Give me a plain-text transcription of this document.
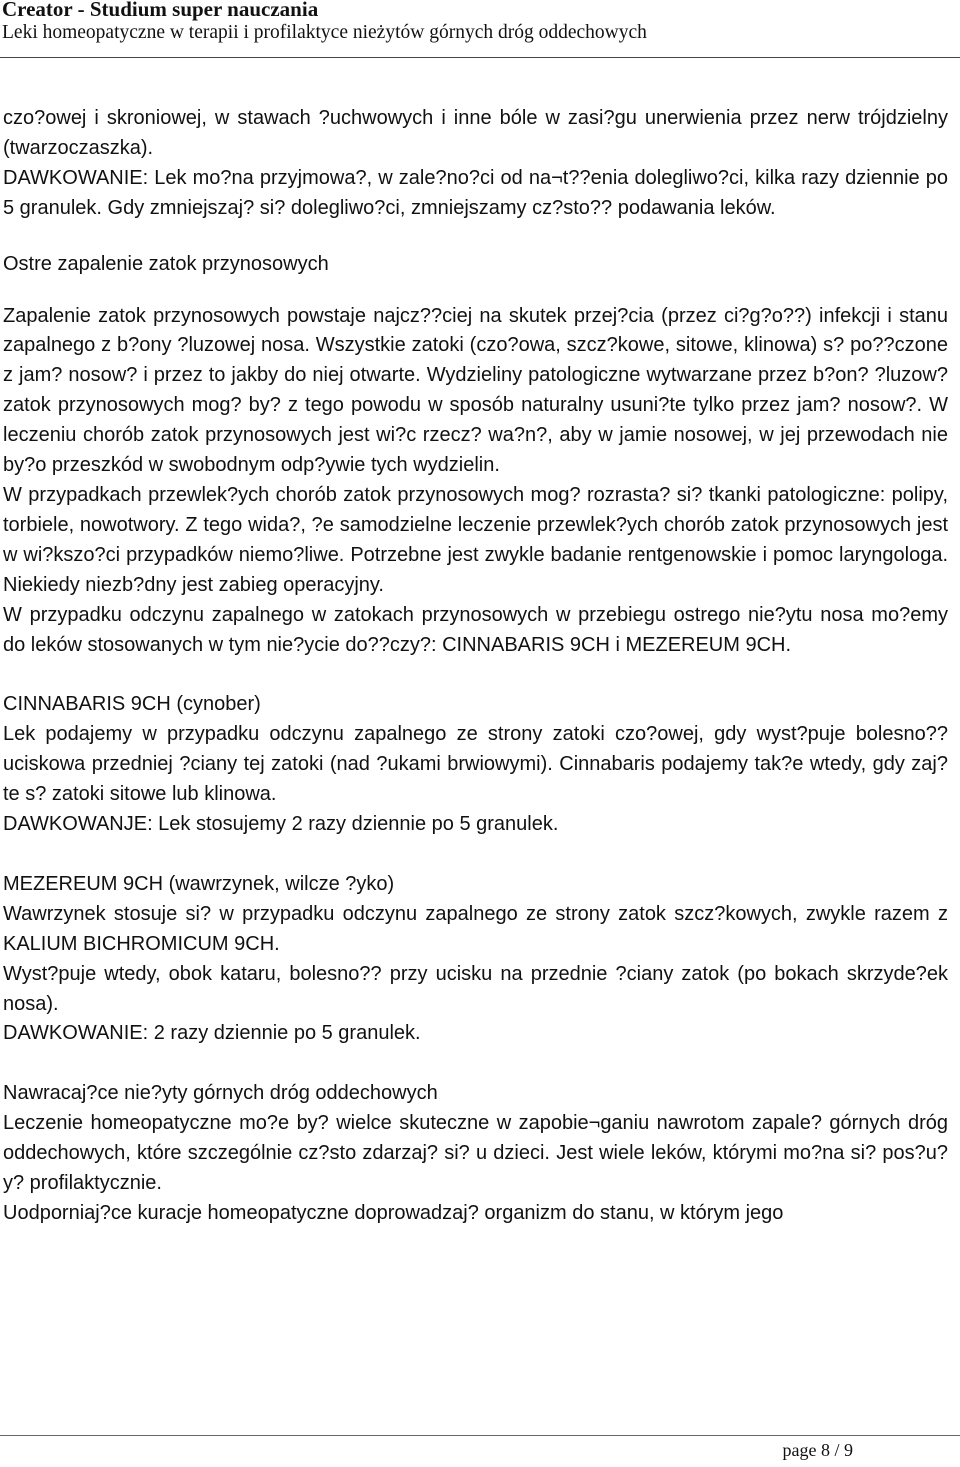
Creator - Studium super nauczania
Leki homeopatyczne w terapii i profilaktyce nieżytów górnych dróg oddechowych

czo?owej i skroniowej, w stawach ?uchwowych i inne bóle w zasi?gu unerwienia przez nerw trójdzielny (twarzoczaszka).

DAWKOWANIE: Lek mo?na przyjmowa?, w zale?no?ci od na¬t??enia dolegliwo?ci, kilka razy dziennie po 5 granulek. Gdy zmniejszaj? si? dolegliwo?ci, zmniejszamy cz?sto?? podawania leków.

Ostre zapalenie zatok przynosowych

Zapalenie zatok przynosowych powstaje najcz??ciej na skutek przej?cia (przez ci?g?o??) infekcji i stanu zapalnego z b?ony ?luzowej nosa. Wszystkie zatoki (czo?owa, szcz?kowe, sitowe, klinowa) s? po??czone z jam? nosow? i przez to jakby do niej otwarte. Wydzieliny patologiczne wytwarzane przez b?on? ?luzow? zatok przynosowych mog? by? z tego powodu w sposób naturalny usuni?te tylko przez jam? nosow?. W leczeniu chorób zatok przynosowych jest wi?c rzecz? wa?n?, aby w jamie nosowej, w jej przewodach nie by?o przeszkód w swobodnym odp?ywie tych wydzielin.

W przypadkach przewlek?ych chorób zatok przynosowych mog? rozrasta? si? tkanki patologiczne: polipy, torbiele, nowotwory. Z tego wida?, ?e samodzielne leczenie przewlek?ych chorób zatok przynosowych jest w wi?kszo?ci przypadków niemo?liwe. Potrzebne jest zwykle badanie rentgenowskie i pomoc laryngologa. Niekiedy niezb?dny jest zabieg operacyjny.

W przypadku odczynu zapalnego w zatokach przynosowych w przebiegu ostrego nie?ytu nosa mo?emy do leków stosowanych w tym nie?ycie do??czy?: CINNABARIS 9CH i MEZEREUM 9CH.

CINNABARIS 9CH (cynober)

Lek podajemy w przypadku odczynu zapalnego ze strony zatoki czo?owej, gdy wyst?puje bolesno?? uciskowa przedniej ?ciany tej zatoki (nad ?ukami brwiowymi). Cinnabaris podajemy tak?e wtedy, gdy zaj?te s? zatoki sitowe lub klinowa.

DAWKOWANJE: Lek stosujemy 2 razy dziennie po 5 granulek.

MEZEREUM 9CH (wawrzynek, wilcze ?yko)

Wawrzynek stosuje si? w przypadku odczynu zapalnego ze strony zatok szcz?kowych, zwykle razem z KALIUM BICHROMICUM 9CH.

Wyst?puje wtedy, obok kataru, bolesno?? przy ucisku na przednie ?ciany zatok (po bokach skrzyde?ek nosa).

DAWKOWANIE: 2 razy dziennie po 5 granulek.

Nawracaj?ce nie?yty górnych dróg oddechowych

Leczenie homeopatyczne mo?e by? wielce skuteczne w zapobie¬ganiu nawrotom zapale? górnych dróg oddechowych, które szczególnie cz?sto zdarzaj? si? u dzieci. Jest wiele leków, którymi mo?na si? pos?u?y? profilaktycznie.

Uodporniaj?ce kuracje homeopatyczne doprowadzaj? organizm do stanu, w którym jego

page 8 / 9
